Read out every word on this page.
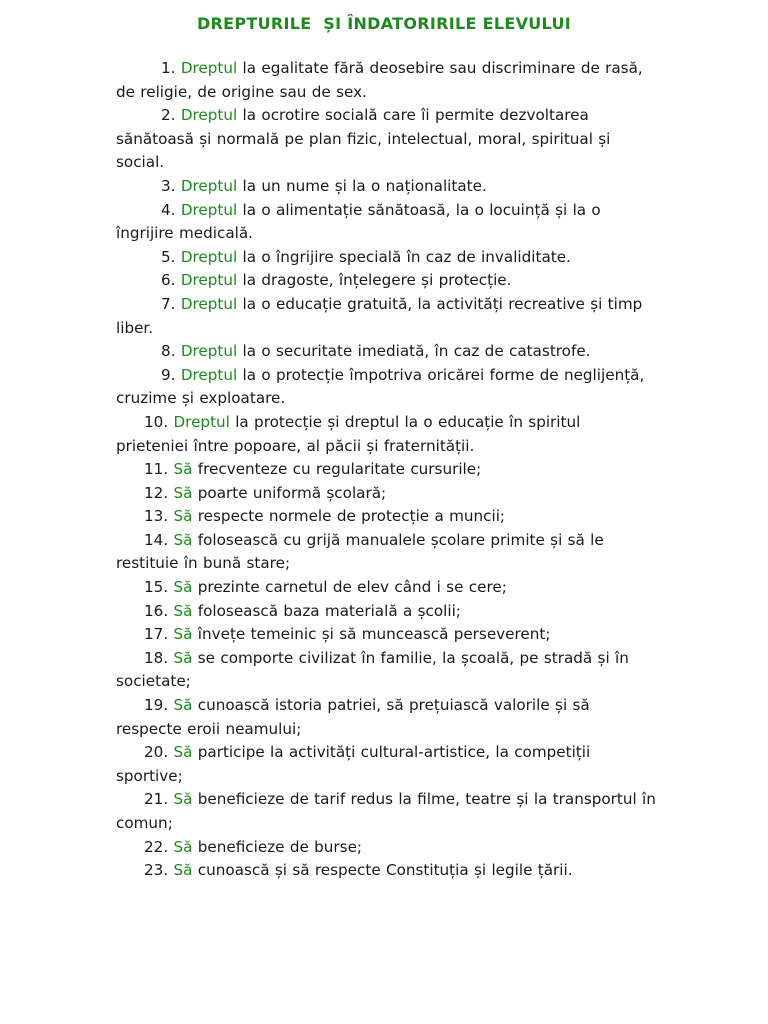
DREPTURILE  ȘI ÎNDATORIRILE ELEVULUI
1. Dreptul la egalitate fără deosebire sau discriminare de rasă, de religie, de origine sau de sex.
2. Dreptul la ocrotire socială care îi permite dezvoltarea sănătoasă și normală pe plan fizic, intelectual, moral, spiritual și social.
3. Dreptul la un nume și la o naționalitate.
4. Dreptul la o alimentație sănătoasă, la o locuință și la o îngrijire medicală.
5. Dreptul la o îngrijire specială în caz de invaliditate.
6. Dreptul la dragoste, înțelegere și protecție.
7. Dreptul la o educație gratuită, la activități recreative și timp liber.
8. Dreptul la o securitate imediată, în caz de catastrofe.
9. Dreptul la o protecție împotriva oricărei forme de neglijență, cruzime și exploatare.
10. Dreptul la protecție și dreptul la o educație în spiritul prieteniei între popoare, al păcii și fraternității.
11. Să frecventeze cu regularitate cursurile;
12. Să poarte uniformă școlară;
13. Să respecte normele de protecție a muncii;
14. Să folosească cu grijă manualele școlare primite și să le restituie în bună stare;
15. Să prezinte carnetul de elev când i se cere;
16. Să folosească baza materială a școlii;
17. Să învețe temeinic și să muncească perseverent;
18. Să se comporte civilizat în familie, la școală, pe stradă și în societate;
19. Să cunoască istoria patriei, să prețuiască valorile și să respecte eroii neamului;
20. Să participe la activități cultural-artistice, la competiții sportive;
21. Să beneficieze de tarif redus la filme, teatre și la transportul în comun;
22. Să beneficieze de burse;
23. Să cunoască și să respecte Constituția și legile țării.
